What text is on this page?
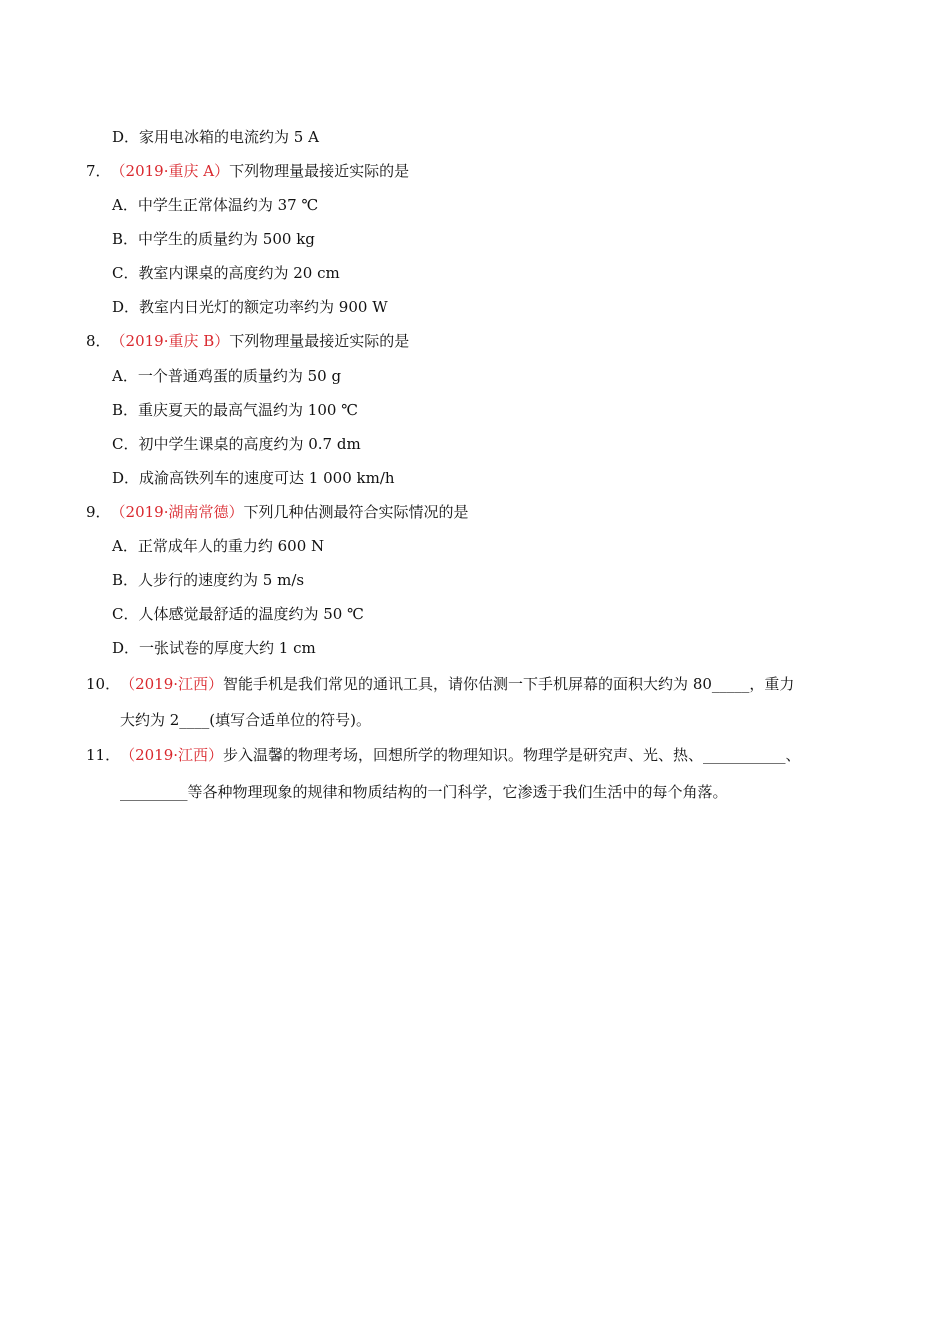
D．家用电冰箱的电流约为 5 A
7．（2019·重庆 A）下列物理量最接近实际的是
A．中学生正常体温约为 37 ℃
B．中学生的质量约为 500 kg
C．教室内课桌的高度约为 20 cm
D．教室内日光灯的额定功率约为 900 W
8．（2019·重庆 B）下列物理量最接近实际的是
A．一个普通鸡蛋的质量约为 50 g
B．重庆夏天的最高气温约为 100 ℃
C．初中学生课桌的高度约为 0.7 dm
D．成渝高铁列车的速度可达 1 000 km/h
9．（2019·湖南常德）下列几种估测最符合实际情况的是
A．正常成年人的重力约 600 N
B．人步行的速度约为 5 m/s
C．人体感觉最舒适的温度约为 50 ℃
D．一张试卷的厚度大约 1 cm
10．（2019·江西）智能手机是我们常见的通讯工具，请你估测一下手机屏幕的面积大约为 80_____，重力
大约为 2____(填写合适单位的符号)。
11．（2019·江西）步入温馨的物理考场，回想所学的物理知识。物理学是研究声、光、热、___________、
_________等各种物理现象的规律和物质结构的一门科学，它渗透于我们生活中的每个角落。
